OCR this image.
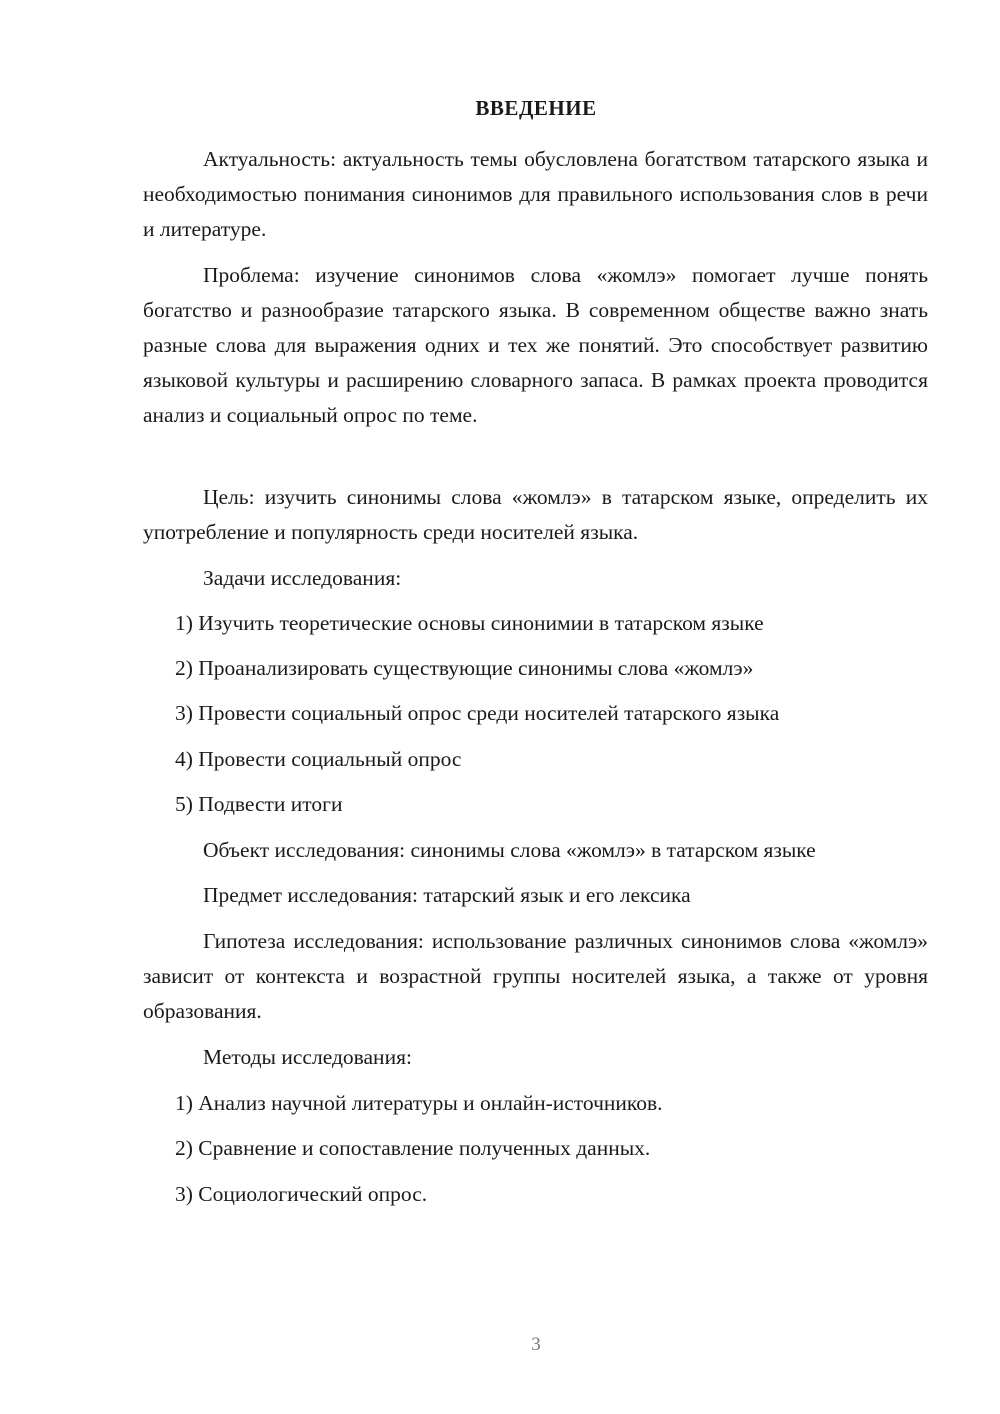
ВВЕДЕНИЕ
Актуальность: актуальность темы обусловлена богатством татарского языка и необходимостью понимания синонимов для правильного использования слов в речи и литературе.
Проблема: изучение синонимов слова «жомлэ» помогает лучше понять богатство и разнообразие татарского языка. В современном обществе важно знать разные слова для выражения одних и тех же понятий. Это способствует развитию языковой культуры и расширению словарного запаса. В рамках проекта проводится анализ и социальный опрос по теме.
Цель: изучить синонимы слова «жомлэ» в татарском языке, определить их употребление и популярность среди носителей языка.
Задачи исследования:
1) Изучить теоретические основы синонимии в татарском языке
2) Проанализировать существующие синонимы слова «жомлэ»
3) Провести социальный опрос среди носителей татарского языка
4) Провести социальный опрос
5) Подвести итоги
Объект исследования: синонимы слова «жомлэ» в татарском языке
Предмет исследования: татарский язык и его лексика
Гипотеза исследования: использование различных синонимов слова «жомлэ» зависит от контекста и возрастной группы носителей языка, а также от уровня образования.
Методы исследования:
1) Анализ научной литературы и онлайн-источников.
2) Сравнение и сопоставление полученных данных.
3) Социологический опрос.
3
